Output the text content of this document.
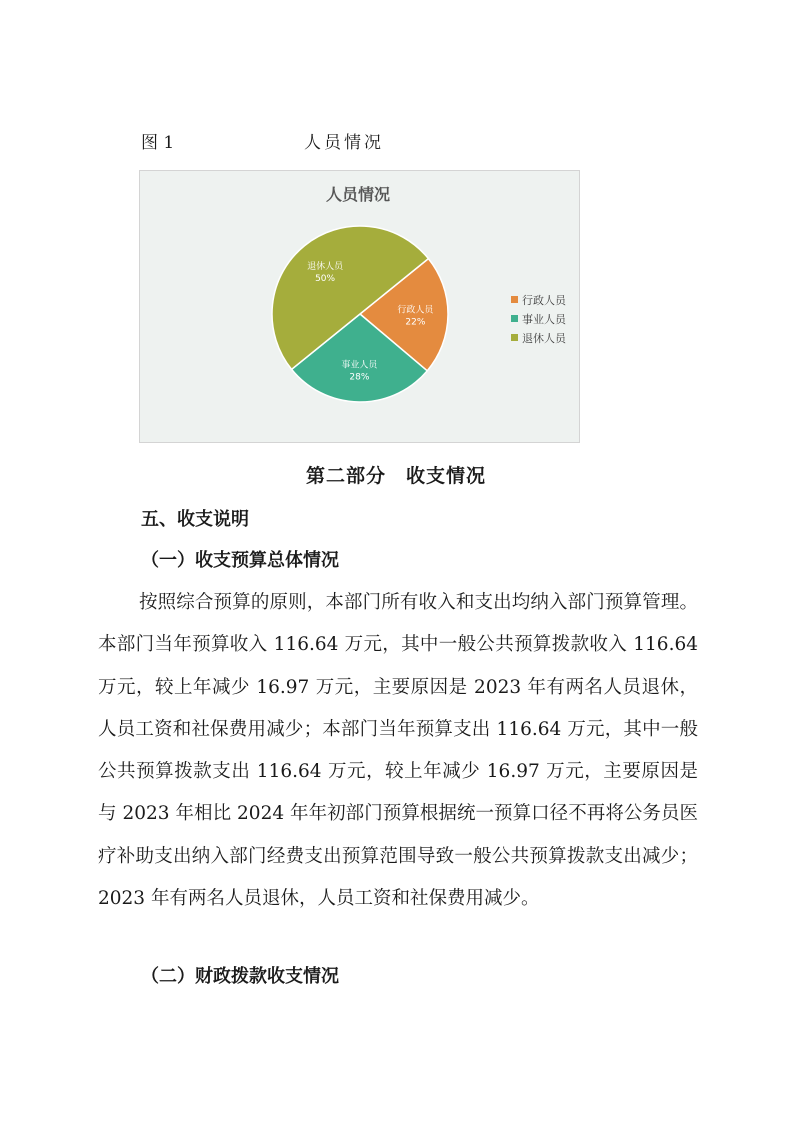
图 1	人员情况
人员情况
行政人员
22%
事业人员
28%
退休人员
50%
行政人员
事业人员
退休人员
第二部分　收支情况
五、收支说明
（一）收支预算总体情况

按照综合预算的原则，本部门所有收入和支出均纳入部门预算管理。本部门当年预算收入 116.64 万元，其中一般公共预算拨款收入 116.64 万元，较上年减少 16.97 万元，主要原因是 2023 年有两名人员退休，人员工资和社保费用减少；本部门当年预算支出 116.64 万元，其中一般公共预算拨款支出 116.64 万元，较上年减少 16.97 万元，主要原因是与 2023 年相比 2024 年年初部门预算根据统一预算口径不再将公务员医疗补助支出纳入部门经费支出预算范围导致一般公共预算拨款支出减少；2023 年有两名人员退休，人员工资和社保费用减少。

（二）财政拨款收支情况
